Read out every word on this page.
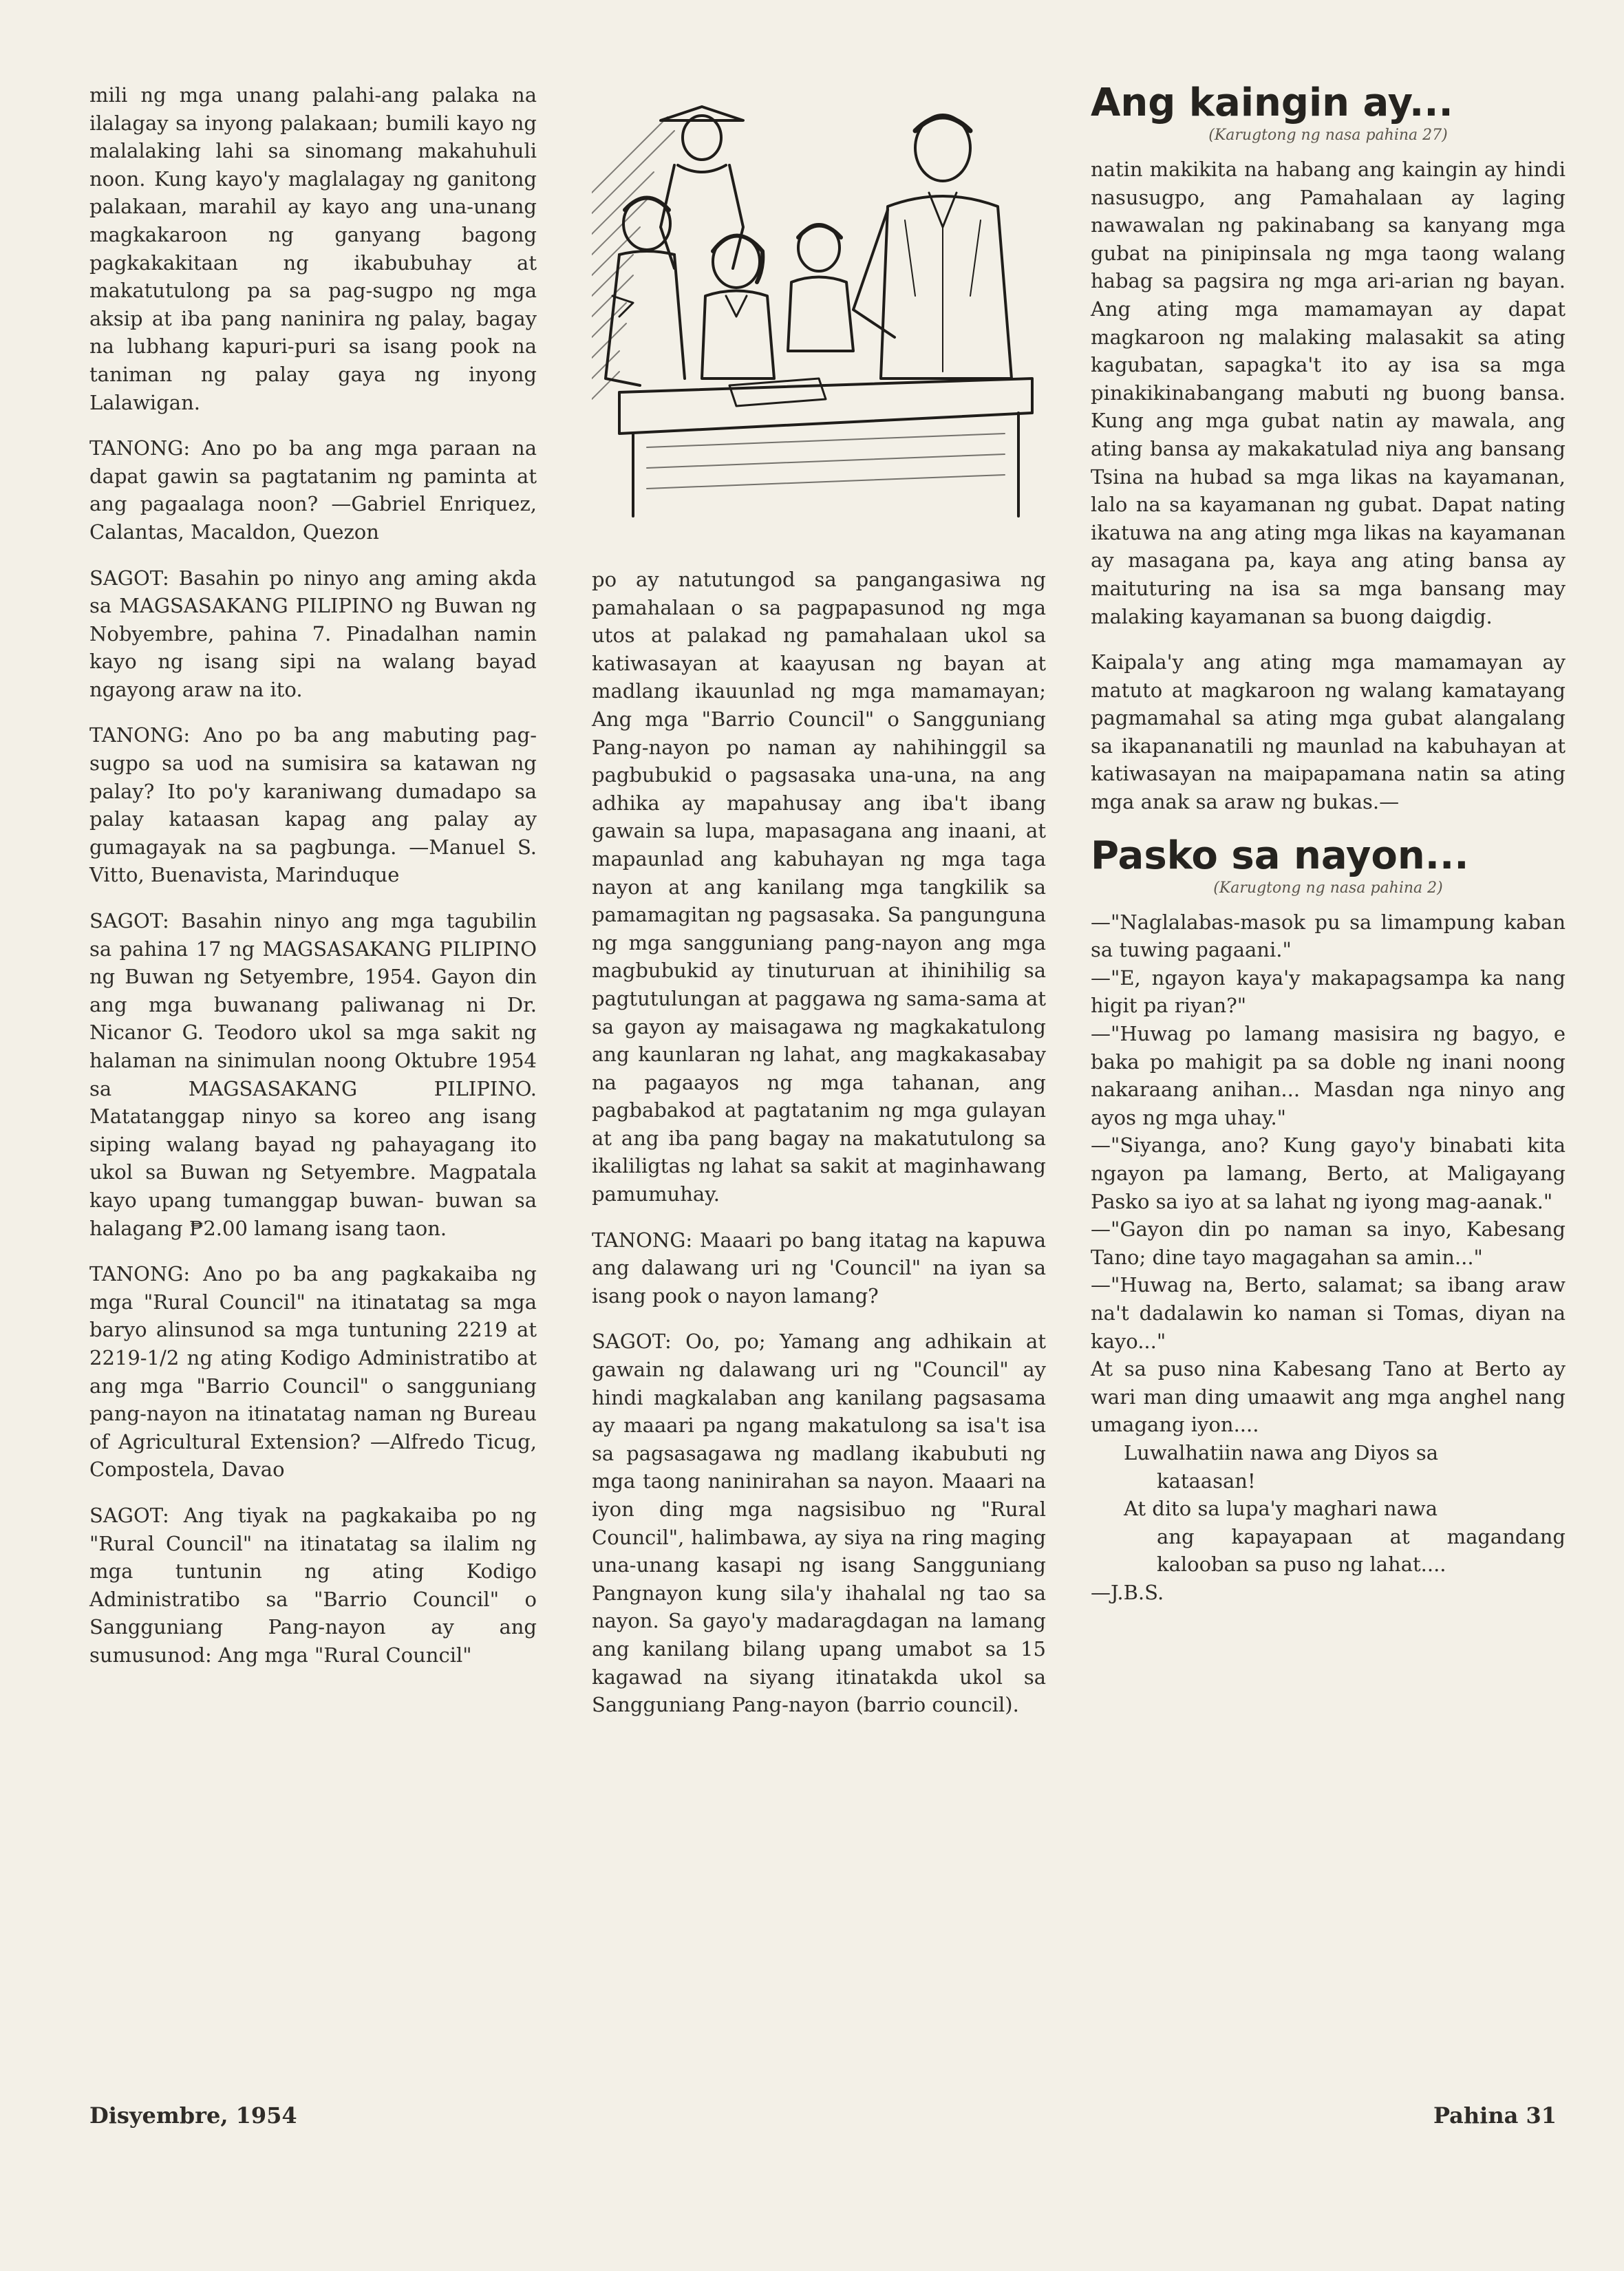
mili ng mga unang palahi-ang palaka na ilalagay sa inyong palakaan; bumili kayo ng malalaking lahi sa sinomang makahuhuli noon. Kung kayo'y maglalagay ng ganitong palakaan, marahil ay kayo ang una-unang magkakaroon ng ganyang bagong pagkakakitaan ng ikabubuhay at makatutulong pa sa pag-sugpo ng mga aksip at iba pang naninira ng palay, bagay na lubhang kapuri-puri sa isang pook na taniman ng palay gaya ng inyong Lalawigan.

TANONG: Ano po ba ang mga paraan na dapat gawin sa pagtatanim ng paminta at ang pagaalaga noon? —Gabriel Enriquez, Calantas, Macaldon, Quezon

SAGOT: Basahin po ninyo ang aming akda sa MAGSASAKANG PILIPINO ng Buwan ng Nobyembre, pahina 7. Pinadalhan namin kayo ng isang sipi na walang bayad ngayong araw na ito.

TANONG: Ano po ba ang mabuting pag-sugpo sa uod na sumisira sa katawan ng palay? Ito po'y karaniwang dumadapo sa palay kataasan kapag ang palay ay gumagayak na sa pagbunga. —Manuel S. Vitto, Buenavista, Marinduque

SAGOT: Basahin ninyo ang mga tagubilin sa pahina 17 ng MAGSASAKANG PILIPINO ng Buwan ng Setyembre, 1954. Gayon din ang mga buwanang paliwanag ni Dr. Nicanor G. Teodoro ukol sa mga sakit ng halaman na sinimulan noong Oktubre 1954 sa MAGSASAKANG PILIPINO. Matatanggap ninyo sa koreo ang isang siping walang bayad ng pahayagang ito ukol sa Buwan ng Setyembre. Magpatala kayo upang tumanggap buwan- buwan sa halagang ₱2.00 lamang isang taon.

TANONG: Ano po ba ang pagkakaiba ng mga "Rural Council" na itinatatag sa mga baryo alinsunod sa mga tuntuning 2219 at 2219-1/2 ng ating Kodigo Administratibo at ang mga "Barrio Council" o sangguniang pang-nayon na itinatatag naman ng Bureau of Agricultural Extension? —Alfredo Ticug, Compostela, Davao

SAGOT: Ang tiyak na pagkakaiba po ng "Rural Council" na itinatatag sa ilalim ng mga tuntunin ng ating Kodigo Administratibo sa "Barrio Council" o Sangguniang Pang-nayon ay ang sumusunod: Ang mga "Rural Council"

po ay natutungod sa pangangasiwa ng pamahalaan o sa pagpapasunod ng mga utos at palakad ng pamahalaan ukol sa katiwasayan at kaayusan ng bayan at madlang ikauunlad ng mga mamamayan; Ang mga "Barrio Council" o Sangguniang Pang-nayon po naman ay nahihinggil sa pagbubukid o pagsasaka una-una, na ang adhika ay mapahusay ang iba't ibang gawain sa lupa, mapasagana ang inaani, at mapaunlad ang kabuhayan ng mga taga nayon at ang kanilang mga tangkilik sa pamamagitan ng pagsasaka. Sa pangunguna ng mga sangguniang pang-nayon ang mga magbubukid ay tinuturuan at ihinihilig sa pagtutulungan at paggawa ng sama-sama at sa gayon ay maisagawa ng magkakatulong ang kaunlaran ng lahat, ang magkakasabay na pagaayos ng mga tahanan, ang pagbabakod at pagtatanim ng mga gulayan at ang iba pang bagay na makatutulong sa ikaliligtas ng lahat sa sakit at maginhawang pamumuhay.

TANONG: Maaari po bang itatag na kapuwa ang dalawang uri ng 'Council" na iyan sa isang pook o nayon lamang?

SAGOT: Oo, po; Yamang ang adhikain at gawain ng dalawang uri ng "Council" ay hindi magkalaban ang kanilang pagsasama ay maaari pa ngang makatulong sa isa't isa sa pagsasagawa ng madlang ikabubuti ng mga taong naninirahan sa nayon. Maaari na iyon ding mga nagsisibuo ng "Rural Council", halimbawa, ay siya na ring maging una-unang kasapi ng isang Sangguniang Pangnayon kung sila'y ihahalal ng tao sa nayon. Sa gayo'y madaragdagan na lamang ang kanilang bilang upang umabot sa 15 kagawad na siyang itinatakda ukol sa Sangguniang Pang-nayon (barrio council).

Ang kaingin ay...
(Karugtong ng nasa pahina 27)

natin makikita na habang ang kaingin ay hindi nasusugpo, ang Pamahalaan ay laging nawawalan ng pakinabang sa kanyang mga gubat na pinipinsala ng mga taong walang habag sa pagsira ng mga ari-arian ng bayan. Ang ating mga mamamayan ay dapat magkaroon ng malaking malasakit sa ating kagubatan, sapagka't ito ay isa sa mga pinakikinabangang mabuti ng buong bansa. Kung ang mga gubat natin ay mawala, ang ating bansa ay makakatulad niya ang bansang Tsina na hubad sa mga likas na kayamanan, lalo na sa kayamanan ng gubat. Dapat nating ikatuwa na ang ating mga likas na kayamanan ay masagana pa, kaya ang ating bansa ay maituturing na isa sa mga bansang may malaking kayamanan sa buong daigdig.

Kaipala'y ang ating mga mamamayan ay matuto at magkaroon ng walang kamatayang pagmamahal sa ating mga gubat alangalang sa ikapananatili ng maunlad na kabuhayan at katiwasayan na maipapamana natin sa ating mga anak sa araw ng bukas.—

Pasko sa nayon...
(Karugtong ng nasa pahina 2)

—"Naglalabas-masok pu sa limampung kaban sa tuwing pagaani."

—"E, ngayon kaya'y makapagsampa ka nang higit pa riyan?"

—"Huwag po lamang masisira ng bagyo, e baka po mahigit pa sa doble ng inani noong nakaraang anihan... Masdan nga ninyo ang ayos ng mga uhay."

—"Siyanga, ano? Kung gayo'y binabati kita ngayon pa lamang, Berto, at Maligayang Pasko sa iyo at sa lahat ng iyong mag-aanak."

—"Gayon din po naman sa inyo, Kabesang Tano; dine tayo magagahan sa amin..."

—"Huwag na, Berto, salamat; sa ibang araw na't dadalawin ko naman si Tomas, diyan na kayo..."

At sa puso nina Kabesang Tano at Berto ay wari man ding umaawit ang mga anghel nang umagang iyon....

Luwalhatiin nawa ang Diyos sa

kataasan!

At dito sa lupa'y maghari nawa

ang kapayapaan at magandang kalooban sa puso ng lahat....

—J.B.S.

Disyembre, 1954	Pahina 31
